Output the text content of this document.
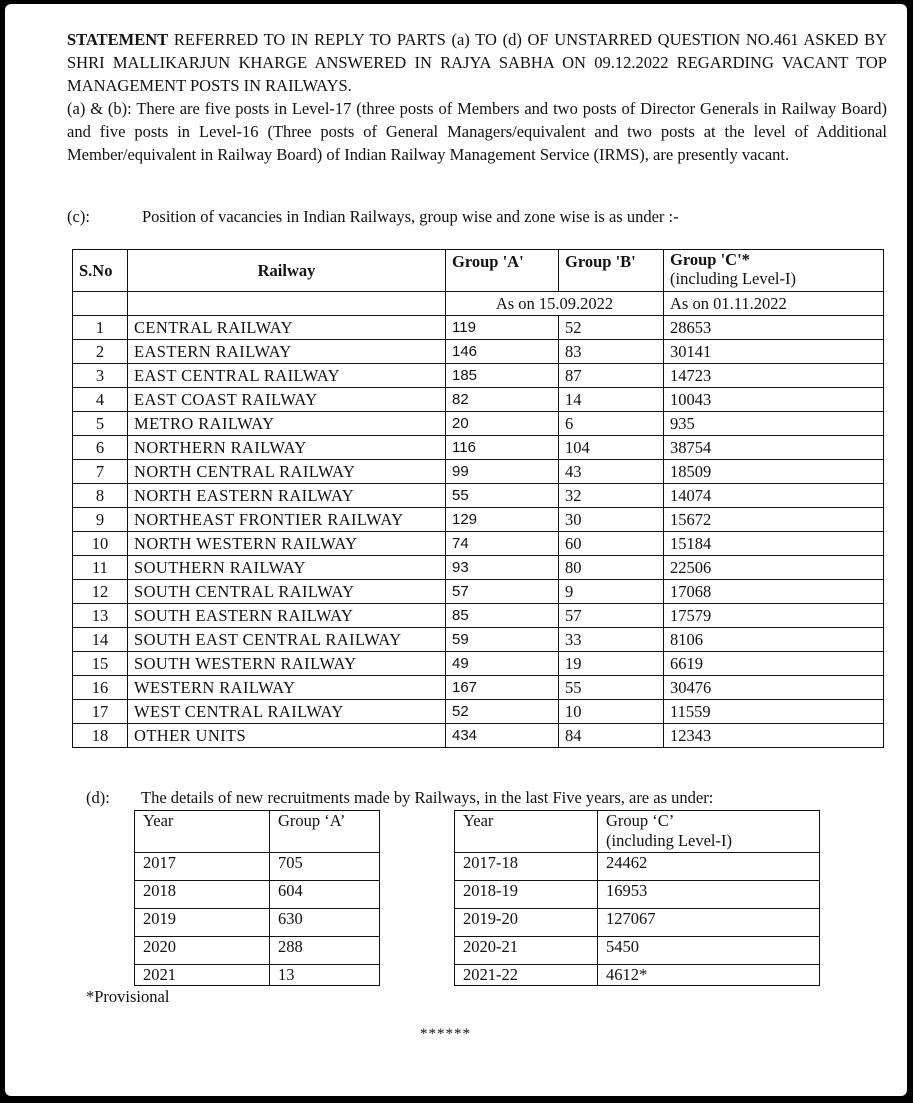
STATEMENT REFERRED TO IN REPLY TO PARTS (a) TO (d) OF UNSTARRED QUESTION NO.461 ASKED BY SHRI MALLIKARJUN KHARGE ANSWERED IN RAJYA SABHA ON 09.12.2022 REGARDING VACANT TOP MANAGEMENT POSTS IN RAILWAYS.

(a) & (b): There are five posts in Level-17 (three posts of Members and two posts of Director Generals in Railway Board) and five posts in Level-16 (Three posts of General Managers/equivalent and two posts at the level of Additional Member/equivalent in Railway Board) of Indian Railway Management Service (IRMS), are presently vacant.

(c):	Position of vacancies in Indian Railways, group wise and zone wise is as under :-
S.No	Railway	Group 'A'	Group 'B'	Group 'C'*
(including Level-I)
		As on 15.09.2022		As on 01.11.2022
1	CENTRAL RAILWAY	119	52	28653
2	EASTERN RAILWAY	146	83	30141
3	EAST CENTRAL RAILWAY	185	87	14723
4	EAST COAST RAILWAY	82	14	10043
5	METRO RAILWAY	20	6	935
6	NORTHERN RAILWAY	116	104	38754
7	NORTH CENTRAL RAILWAY	99	43	18509
8	NORTH EASTERN RAILWAY	55	32	14074
9	NORTHEAST FRONTIER RAILWAY	129	30	15672
10	NORTH WESTERN RAILWAY	74	60	15184
11	SOUTHERN RAILWAY	93	80	22506
12	SOUTH CENTRAL RAILWAY	57	9	17068
13	SOUTH EASTERN RAILWAY	85	57	17579
14	SOUTH EAST CENTRAL RAILWAY	59	33	8106
15	SOUTH WESTERN RAILWAY	49	19	6619
16	WESTERN RAILWAY	167	55	30476
17	WEST CENTRAL RAILWAY	52	10	11559
18	OTHER UNITS	434	84	12343
(d): The details of new recruitments made by Railways, in the last Five years, are as under:
Year	Group ‘A’
2017	705
2018	604
2019	630
2020	288
2021	13
Year	Group ‘C’
(including Level-I)
2017-18	24462
2018-19	16953
2019-20	127067
2020-21	5450
2021-22	4612*
*Provisional
******
